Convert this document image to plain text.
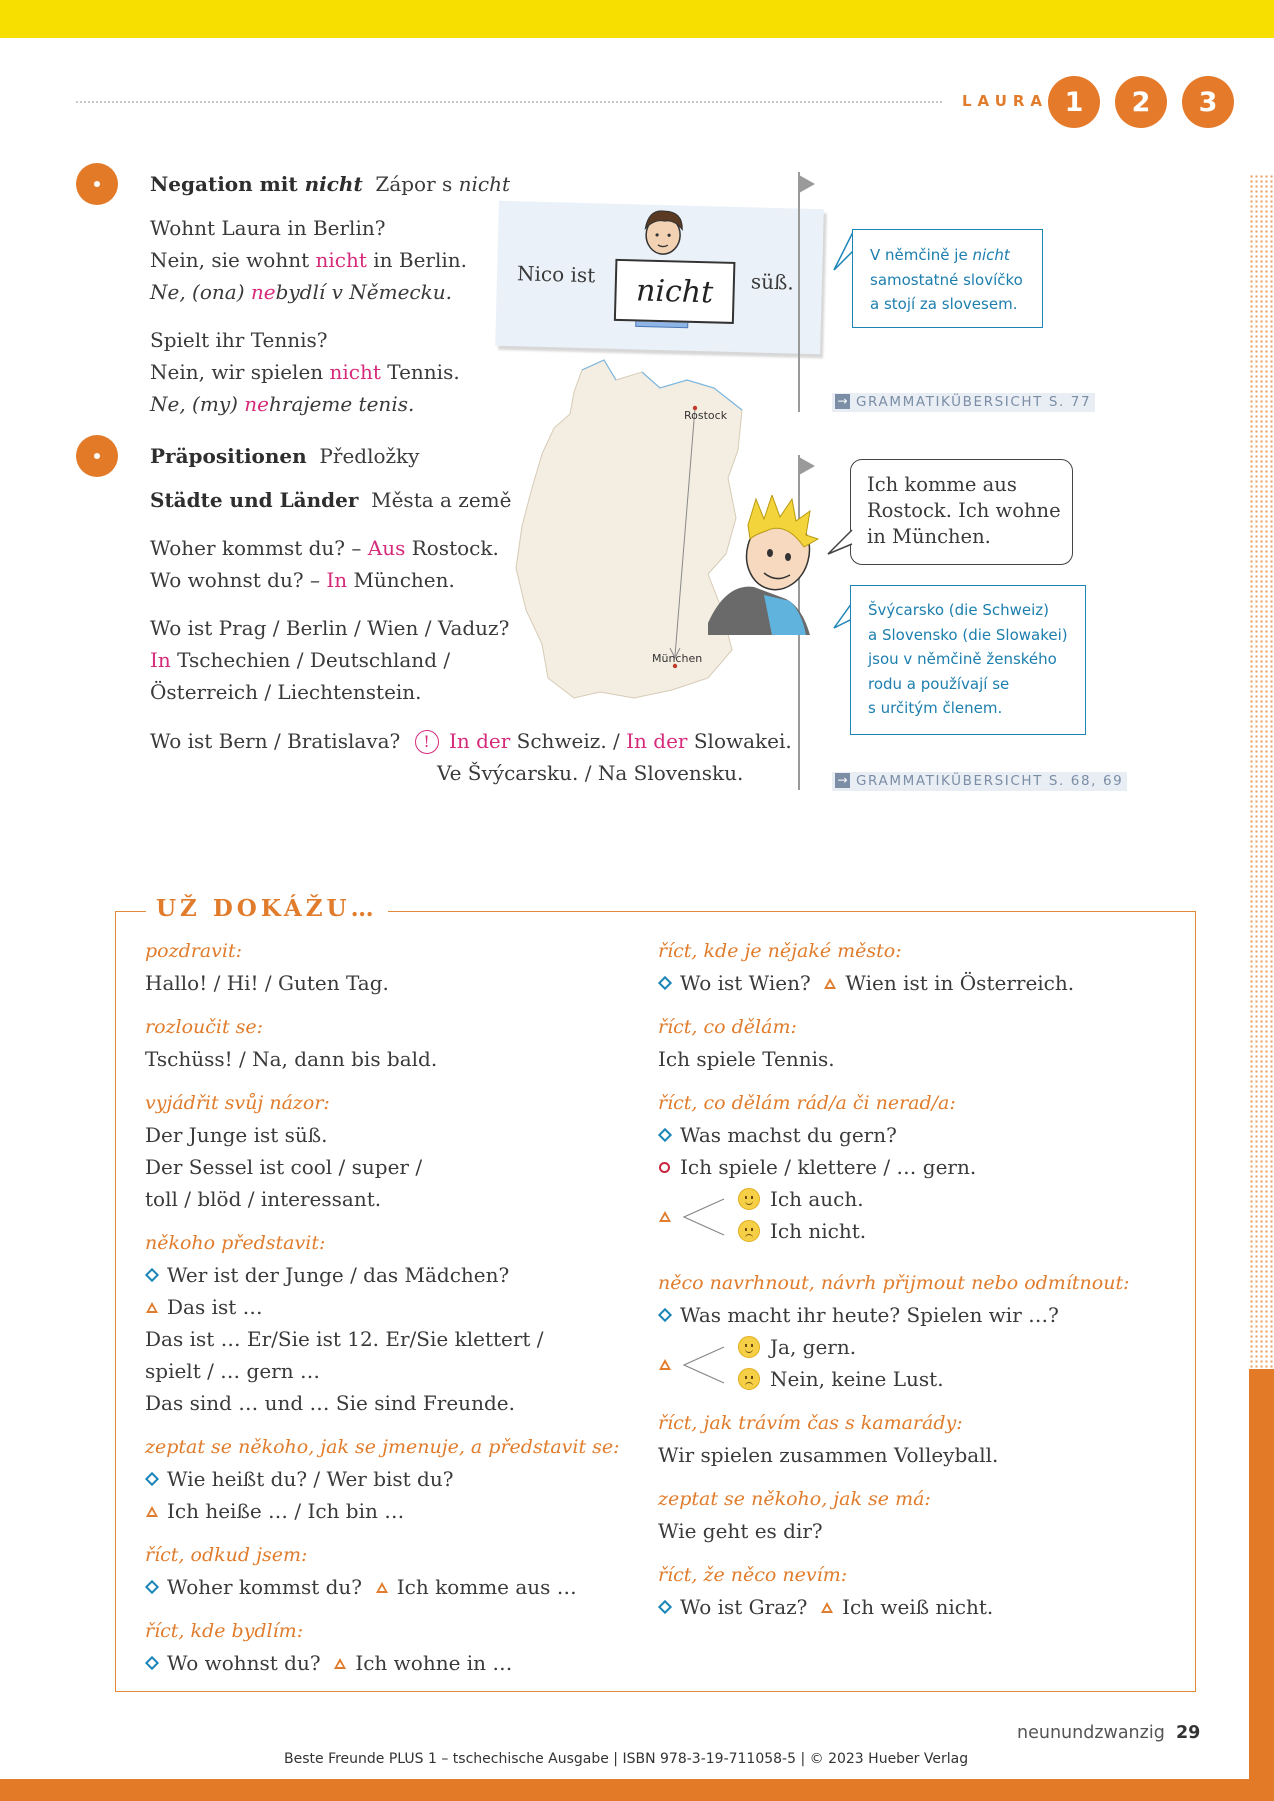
LAURA 1	2	3
Negation mit nicht Zápor s nicht
Wohnt Laura in Berlin?
Nein, sie wohnt nicht in Berlin.
Ne, (ona) nebydlí v Německu.
Spielt ihr Tennis?
Nein, wir spielen nicht Tennis.
Ne, (my) nehrajeme tenis.
Nico ist	nicht	süß.
V němčině je nicht
samostatné slovíčko
a stojí za slovesem.
→ GRAMMATIKÜBERSICHT S. 77
Präpositionen Předložky
Städte und Länder Města a země
Rostock
München
Ich komme aus
Rostock. Ich wohne
in München.
Švýcarsko (die Schweiz)
a Slovensko (die Slowakei)
jsou v němčině ženského
rodu a používají se
s určitým členem.
→ GRAMMATIKÜBERSICHT S. 68, 69
Woher kommst du? – Aus Rostock.
Wo wohnst du? – In München.
Wo ist Prag / Berlin / Wien / Vaduz?
In Tschechien / Deutschland /
Österreich / Liechtenstein.
Wo ist Bern / Bratislava? ! In der Schweiz. / In der Slowakei.
Ve Švýcarsku. / Na Slovensku.
UŽ DOKÁŽU…
pozdravit:
Hallo! / Hi! / Guten Tag.
rozloučit se:
Tschüss! / Na, dann bis bald.
vyjádřit svůj názor:
Der Junge ist süß.
Der Sessel ist cool / super /
toll / blöd / interessant.
někoho představit:
Wer ist der Junge / das Mädchen?
Das ist …
Das ist … Er/Sie ist 12. Er/Sie klettert /
spielt / … gern …
Das sind … und … Sie sind Freunde.
zeptat se někoho, jak se jmenuje, a představit se:
Wie heißt du? / Wer bist du?
Ich heiße … / Ich bin …
říct, odkud jsem:
Woher kommst du? Ich komme aus …
říct, kde bydlím:
Wo wohnst du? Ich wohne in …
říct, kde je nějaké město:
Wo ist Wien? Wien ist in Österreich.
říct, co dělám:
Ich spiele Tennis.
říct, co dělám rád/a či nerad/a:
Was machst du gern?
Ich spiele / klettere / … gern.
Ich auch.
Ich nicht.
něco navrhnout, návrh přijmout nebo odmítnout:
Was macht ihr heute? Spielen wir …?
Ja, gern.
Nein, keine Lust.
říct, jak trávím čas s kamarády:
Wir spielen zusammen Volleyball.
zeptat se někoho, jak se má:
Wie geht es dir?
říct, že něco nevím:
Wo ist Graz? Ich weiß nicht.
neunundzwanzig 29
Beste Freunde PLUS 1 – tschechische Ausgabe | ISBN 978-3-19-711058-5 | © 2023 Hueber Verlag
